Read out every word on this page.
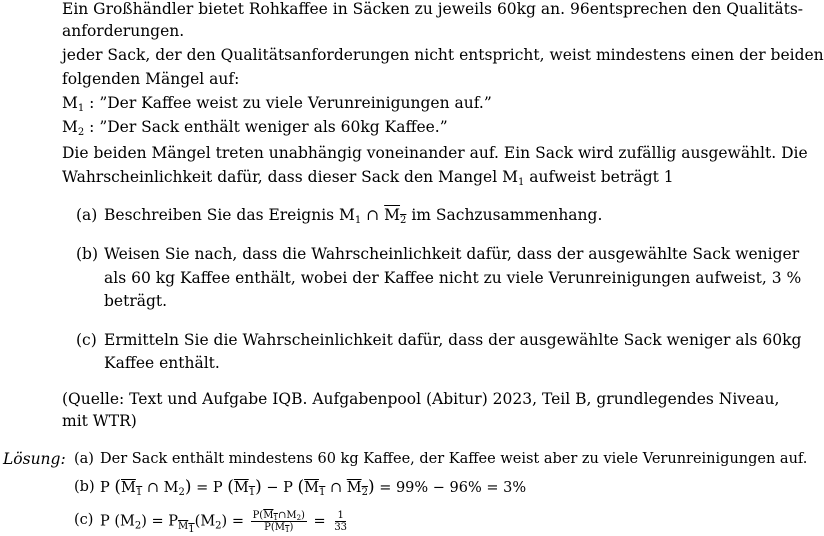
Ein Großhändler bietet Rohkaffee in Säcken zu jeweils 60kg an. 96entsprechen den Qualitäts-
anforderungen.
jeder Sack, der den Qualitätsanforderungen nicht entspricht, weist mindestens einen der beiden
folgenden Mängel auf:
$M_1$ : ”Der Kaffee weist zu viele Verunreinigungen auf.”
$M_2$ : ”Der Sack enthält weniger als 60kg Kaffee.”
Die beiden Mängel treten unabhängig voneinander auf. Ein Sack wird zufällig ausgewählt. Die
Wahrscheinlichkeit dafür, dass dieser Sack den Mangel $M_1$ aufweist beträgt 1
(a) Beschreiben Sie das Ereignis $M_1$ ∩ $M_2$ im Sachzusammenhang.
(b) Weisen Sie nach, dass die Wahrscheinlichkeit dafür, dass der ausgewählte Sack weniger
als 60 kg Kaffee enthält, wobei der Kaffee nicht zu viele Verunreinigungen aufweist, 3 %
beträgt.
(c) Ermitteln Sie die Wahrscheinlichkeit dafür, dass der ausgewählte Sack weniger als 60kg
Kaffee enthält.
(Quelle: Text und Aufgabe IQB. Aufgabenpool (Abitur) 2023, Teil B, grundlegendes Niveau,
mit WTR)
Lösung: (a) Der Sack enthält mindestens 60 kg Kaffee, der Kaffee weist aber zu viele Verunreinigungen auf.
(b) P ($M_1$ ∩ $M_2) = P$ $(M_1) - P$ ($M_1$ ∩ $M_2) = 99\% - 96\% = 3\%$
(c) P $(M_2) = P_{M_1}(M_2) = \frac{P(M_1\cap M_2)}{P(M_1)} = \frac{1}{33}$
